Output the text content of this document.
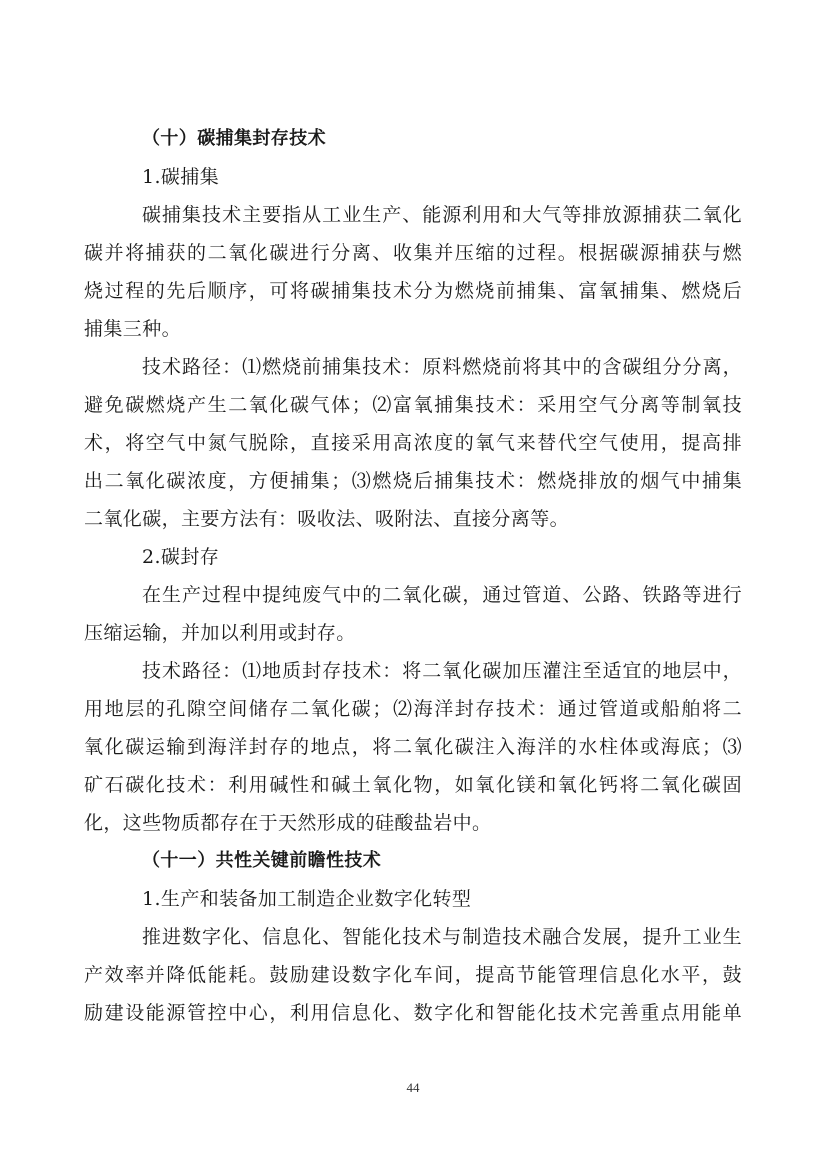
（十）碳捕集封存技术

1.碳捕集

碳捕集技术主要指从工业生产、能源利用和大气等排放源捕获二氧化

碳并将捕获的二氧化碳进行分离、收集并压缩的过程。根据碳源捕获与燃

烧过程的先后顺序，可将碳捕集技术分为燃烧前捕集、富氧捕集、燃烧后

捕集三种。

技术路径：⑴燃烧前捕集技术：原料燃烧前将其中的含碳组分分离，

避免碳燃烧产生二氧化碳气体；⑵富氧捕集技术：采用空气分离等制氧技

术，将空气中氮气脱除，直接采用高浓度的氧气来替代空气使用，提高排

出二氧化碳浓度，方便捕集；⑶燃烧后捕集技术：燃烧排放的烟气中捕集

二氧化碳，主要方法有：吸收法、吸附法、直接分离等。

2.碳封存

在生产过程中提纯废气中的二氧化碳，通过管道、公路、铁路等进行

压缩运输，并加以利用或封存。

技术路径：⑴地质封存技术：将二氧化碳加压灌注至适宜的地层中，

用地层的孔隙空间储存二氧化碳；⑵海洋封存技术：通过管道或船舶将二

氧化碳运输到海洋封存的地点，将二氧化碳注入海洋的水柱体或海底；⑶

矿石碳化技术：利用碱性和碱土氧化物，如氧化镁和氧化钙将二氧化碳固

化，这些物质都存在于天然形成的硅酸盐岩中。

（十一）共性关键前瞻性技术

1.生产和装备加工制造企业数字化转型

推进数字化、信息化、智能化技术与制造技术融合发展，提升工业生

产效率并降低能耗。鼓励建设数字化车间，提高节能管理信息化水平，鼓

励建设能源管控中心，利用信息化、数字化和智能化技术完善重点用能单

44
